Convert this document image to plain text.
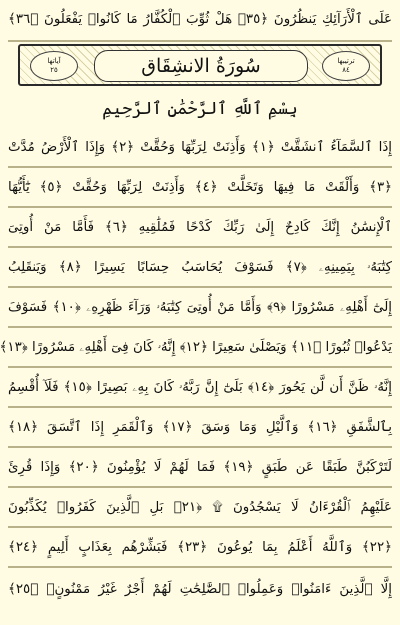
عَلَى ٱلْأَرَآئِكِ يَنظُرُونَ ﴿٣٥﴾ هَلْ ثُوِّبَ ٱلْكُفَّارُ مَا كَانُوا۟ يَفْعَلُونَ ﴿٣٦﴾
آياتها
٢٥	سُورَةُ الانشِقَاق	ترتيبها
٨٤
بِسْمِ ٱللَّهِ ٱلرَّحْمَٰنِ ٱلرَّحِيمِ
إِذَا ٱلسَّمَآءُ ٱنشَقَّتْ ﴿١﴾ وَأَذِنَتْ لِرَبِّهَا وَحُقَّتْ ﴿٢﴾ وَإِذَا ٱلْأَرْضُ مُدَّتْ
﴿٣﴾ وَأَلْقَتْ مَا فِيهَا وَتَخَلَّتْ ﴿٤﴾ وَأَذِنَتْ لِرَبِّهَا وَحُقَّتْ ﴿٥﴾ يَٰٓأَيُّهَا
ٱلْإِنسَٰنُ إِنَّكَ كَادِحٌ إِلَىٰ رَبِّكَ كَدْحًا فَمُلَٰقِيهِ ﴿٦﴾ فَأَمَّا مَنْ أُوتِىَ
كِتَٰبَهُۥ بِيَمِينِهِۦ ﴿٧﴾ فَسَوْفَ يُحَاسَبُ حِسَابًا يَسِيرًا ﴿٨﴾ وَيَنقَلِبُ
إِلَىٰٓ أَهْلِهِۦ مَسْرُورًا ﴿٩﴾ وَأَمَّا مَنْ أُوتِىَ كِتَٰبَهُۥ وَرَآءَ ظَهْرِهِۦ ﴿١٠﴾ فَسَوْفَ
يَدْعُوا۟ ثُبُورًا ﴿١١﴾ وَيَصْلَىٰ سَعِيرًا ﴿١٢﴾ إِنَّهُۥ كَانَ فِىٓ أَهْلِهِۦ مَسْرُورًا ﴿١٣﴾
إِنَّهُۥ ظَنَّ أَن لَّن يَحُورَ ﴿١٤﴾ بَلَىٰٓ إِنَّ رَبَّهُۥ كَانَ بِهِۦ بَصِيرًا ﴿١٥﴾ فَلَآ أُقْسِمُ
بِٱلشَّفَقِ ﴿١٦﴾ وَٱلَّيْلِ وَمَا وَسَقَ ﴿١٧﴾ وَٱلْقَمَرِ إِذَا ٱتَّسَقَ ﴿١٨﴾
لَتَرْكَبُنَّ طَبَقًا عَن طَبَقٍ ﴿١٩﴾ فَمَا لَهُمْ لَا يُؤْمِنُونَ ﴿٢٠﴾ وَإِذَا قُرِئَ
عَلَيْهِمُ ٱلْقُرْءَانُ لَا يَسْجُدُونَ ۩ ﴿٢١﴾ بَلِ ٱلَّذِينَ كَفَرُوا۟ يُكَذِّبُونَ
﴿٢٢﴾ وَٱللَّهُ أَعْلَمُ بِمَا يُوعُونَ ﴿٢٣﴾ فَبَشِّرْهُم بِعَذَابٍ أَلِيمٍ ﴿٢٤﴾
إِلَّا ٱلَّذِينَ ءَامَنُوا۟ وَعَمِلُوا۟ ٱلصَّٰلِحَٰتِ لَهُمْ أَجْرٌ غَيْرُ مَمْنُونٍۭ ﴿٢٥﴾
